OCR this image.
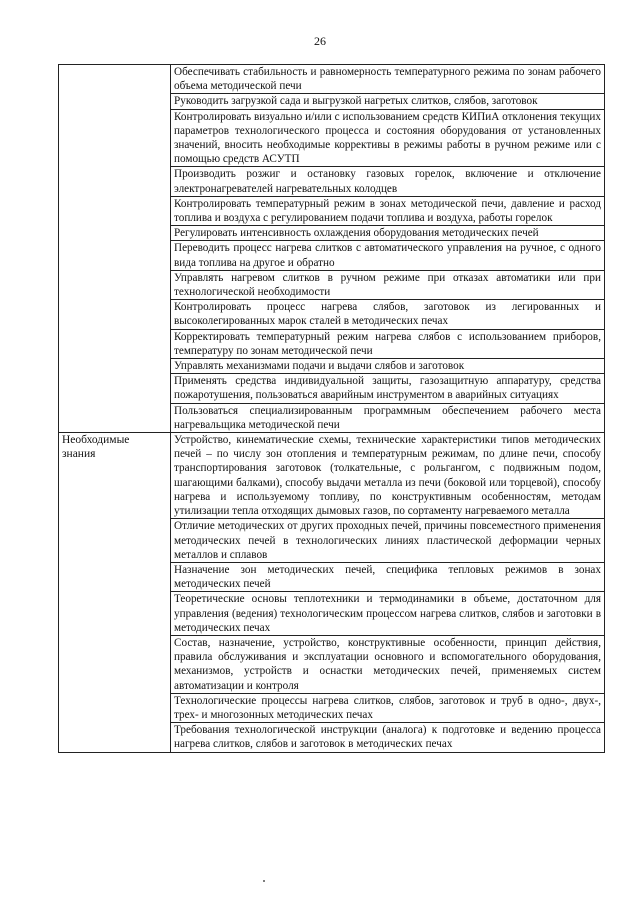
26
	Обеспечивать стабильность и равномерность температурного режима по зонам рабочего объема методической печи
	Руководить загрузкой сада и выгрузкой нагретых слитков, слябов, заготовок
	Контролировать визуально и/или с использованием средств КИПиА отклонения текущих параметров технологического процесса и состояния оборудования от установленных значений, вносить необходимые коррективы в режимы работы в ручном режиме или с помощью средств АСУТП
	Производить розжиг и остановку газовых горелок, включение и отключение электронагревателей нагревательных колодцев
	Контролировать температурный режим в зонах методической печи, давление и расход топлива и воздуха с регулированием подачи топлива и воздуха, работы горелок
	Регулировать интенсивность охлаждения оборудования методических печей
	Переводить процесс нагрева слитков с автоматического управления на ручное, с одного вида топлива на другое и обратно
	Управлять нагревом слитков в ручном режиме при отказах автоматики или при технологической необходимости
	Контролировать процесс нагрева слябов, заготовок из легированных и высоколегированных марок сталей в методических печах
	Корректировать температурный режим нагрева слябов с использованием приборов, температуру по зонам методической печи
	Управлять механизмами подачи и выдачи слябов и заготовок
	Применять средства индивидуальной защиты, газозащитную аппаратуру, средства пожаротушения, пользоваться аварийным инструментом в аварийных ситуациях
	Пользоваться специализированным программным обеспечением рабочего места нагревальщика методической печи

Необходимые знания	Устройство, кинематические схемы, технические характеристики типов методических печей – по числу зон отопления и температурным режимам, по длине печи, способу транспортирования заготовок (толкательные, с рольгангом, с подвижным подом, шагающими балками), способу выдачи металла из печи (боковой или торцевой), способу нагрева и используемому топливу, по конструктивным особенностям, методам утилизации тепла отходящих дымовых газов, по сортаменту нагреваемого металла
	Отличие методических от других проходных печей, причины повсеместного применения методических печей в технологических линиях пластической деформации черных металлов и сплавов
	Назначение зон методических печей, специфика тепловых режимов в зонах методических печей
	Теоретические основы теплотехники и термодинамики в объеме, достаточном для управления (ведения) технологическим процессом нагрева слитков, слябов и заготовки в методических печах
	Состав, назначение, устройство, конструктивные особенности, принцип действия, правила обслуживания и эксплуатации основного и вспомогательного оборудования, механизмов, устройств и оснастки методических печей, применяемых систем автоматизации и контроля
	Технологические процессы нагрева слитков, слябов, заготовок и труб в одно-, двух-, трех- и многозонных методических печах
	Требования технологической инструкции (аналога) к подготовке и ведению процесса нагрева слитков, слябов и заготовок в методических печах
